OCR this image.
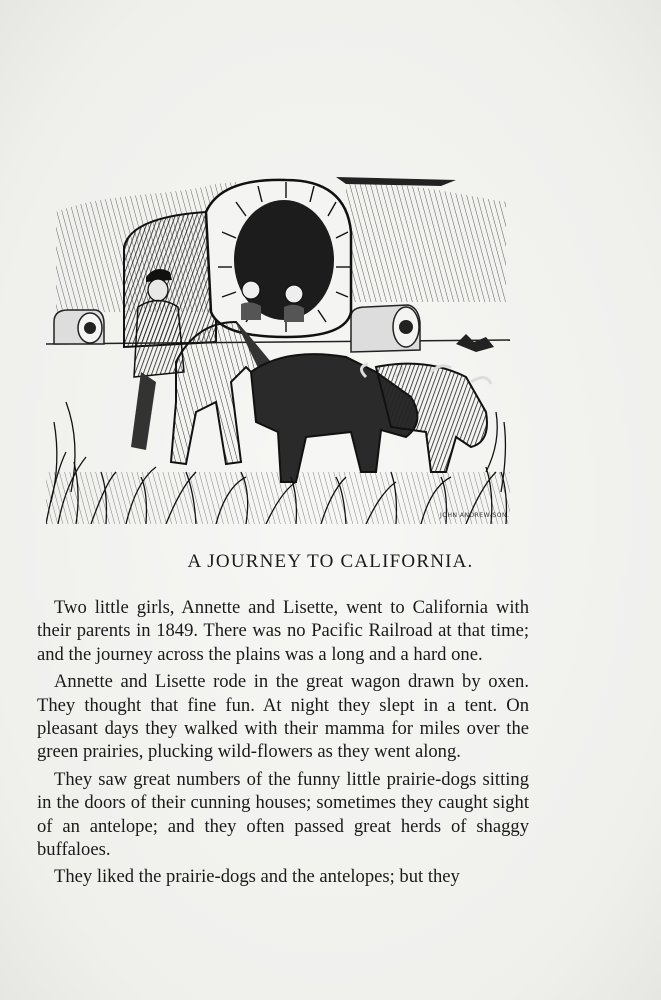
JOHN ANDREW-SON.
A JOURNEY TO CALIFORNIA.

Two little girls, Annette and Lisette, went to California with their parents in 1849. There was no Pacific Railroad at that time; and the journey across the plains was a long and a hard one.

Annette and Lisette rode in the great wagon drawn by oxen. They thought that fine fun. At night they slept in a tent. On pleasant days they walked with their mamma for miles over the green prairies, plucking wild-flowers as they went along.

They saw great numbers of the funny little prairie-dogs sitting in the doors of their cunning houses; sometimes they caught sight of an antelope; and they often passed great herds of shaggy buffaloes.

They liked the prairie-dogs and the antelopes; but they
